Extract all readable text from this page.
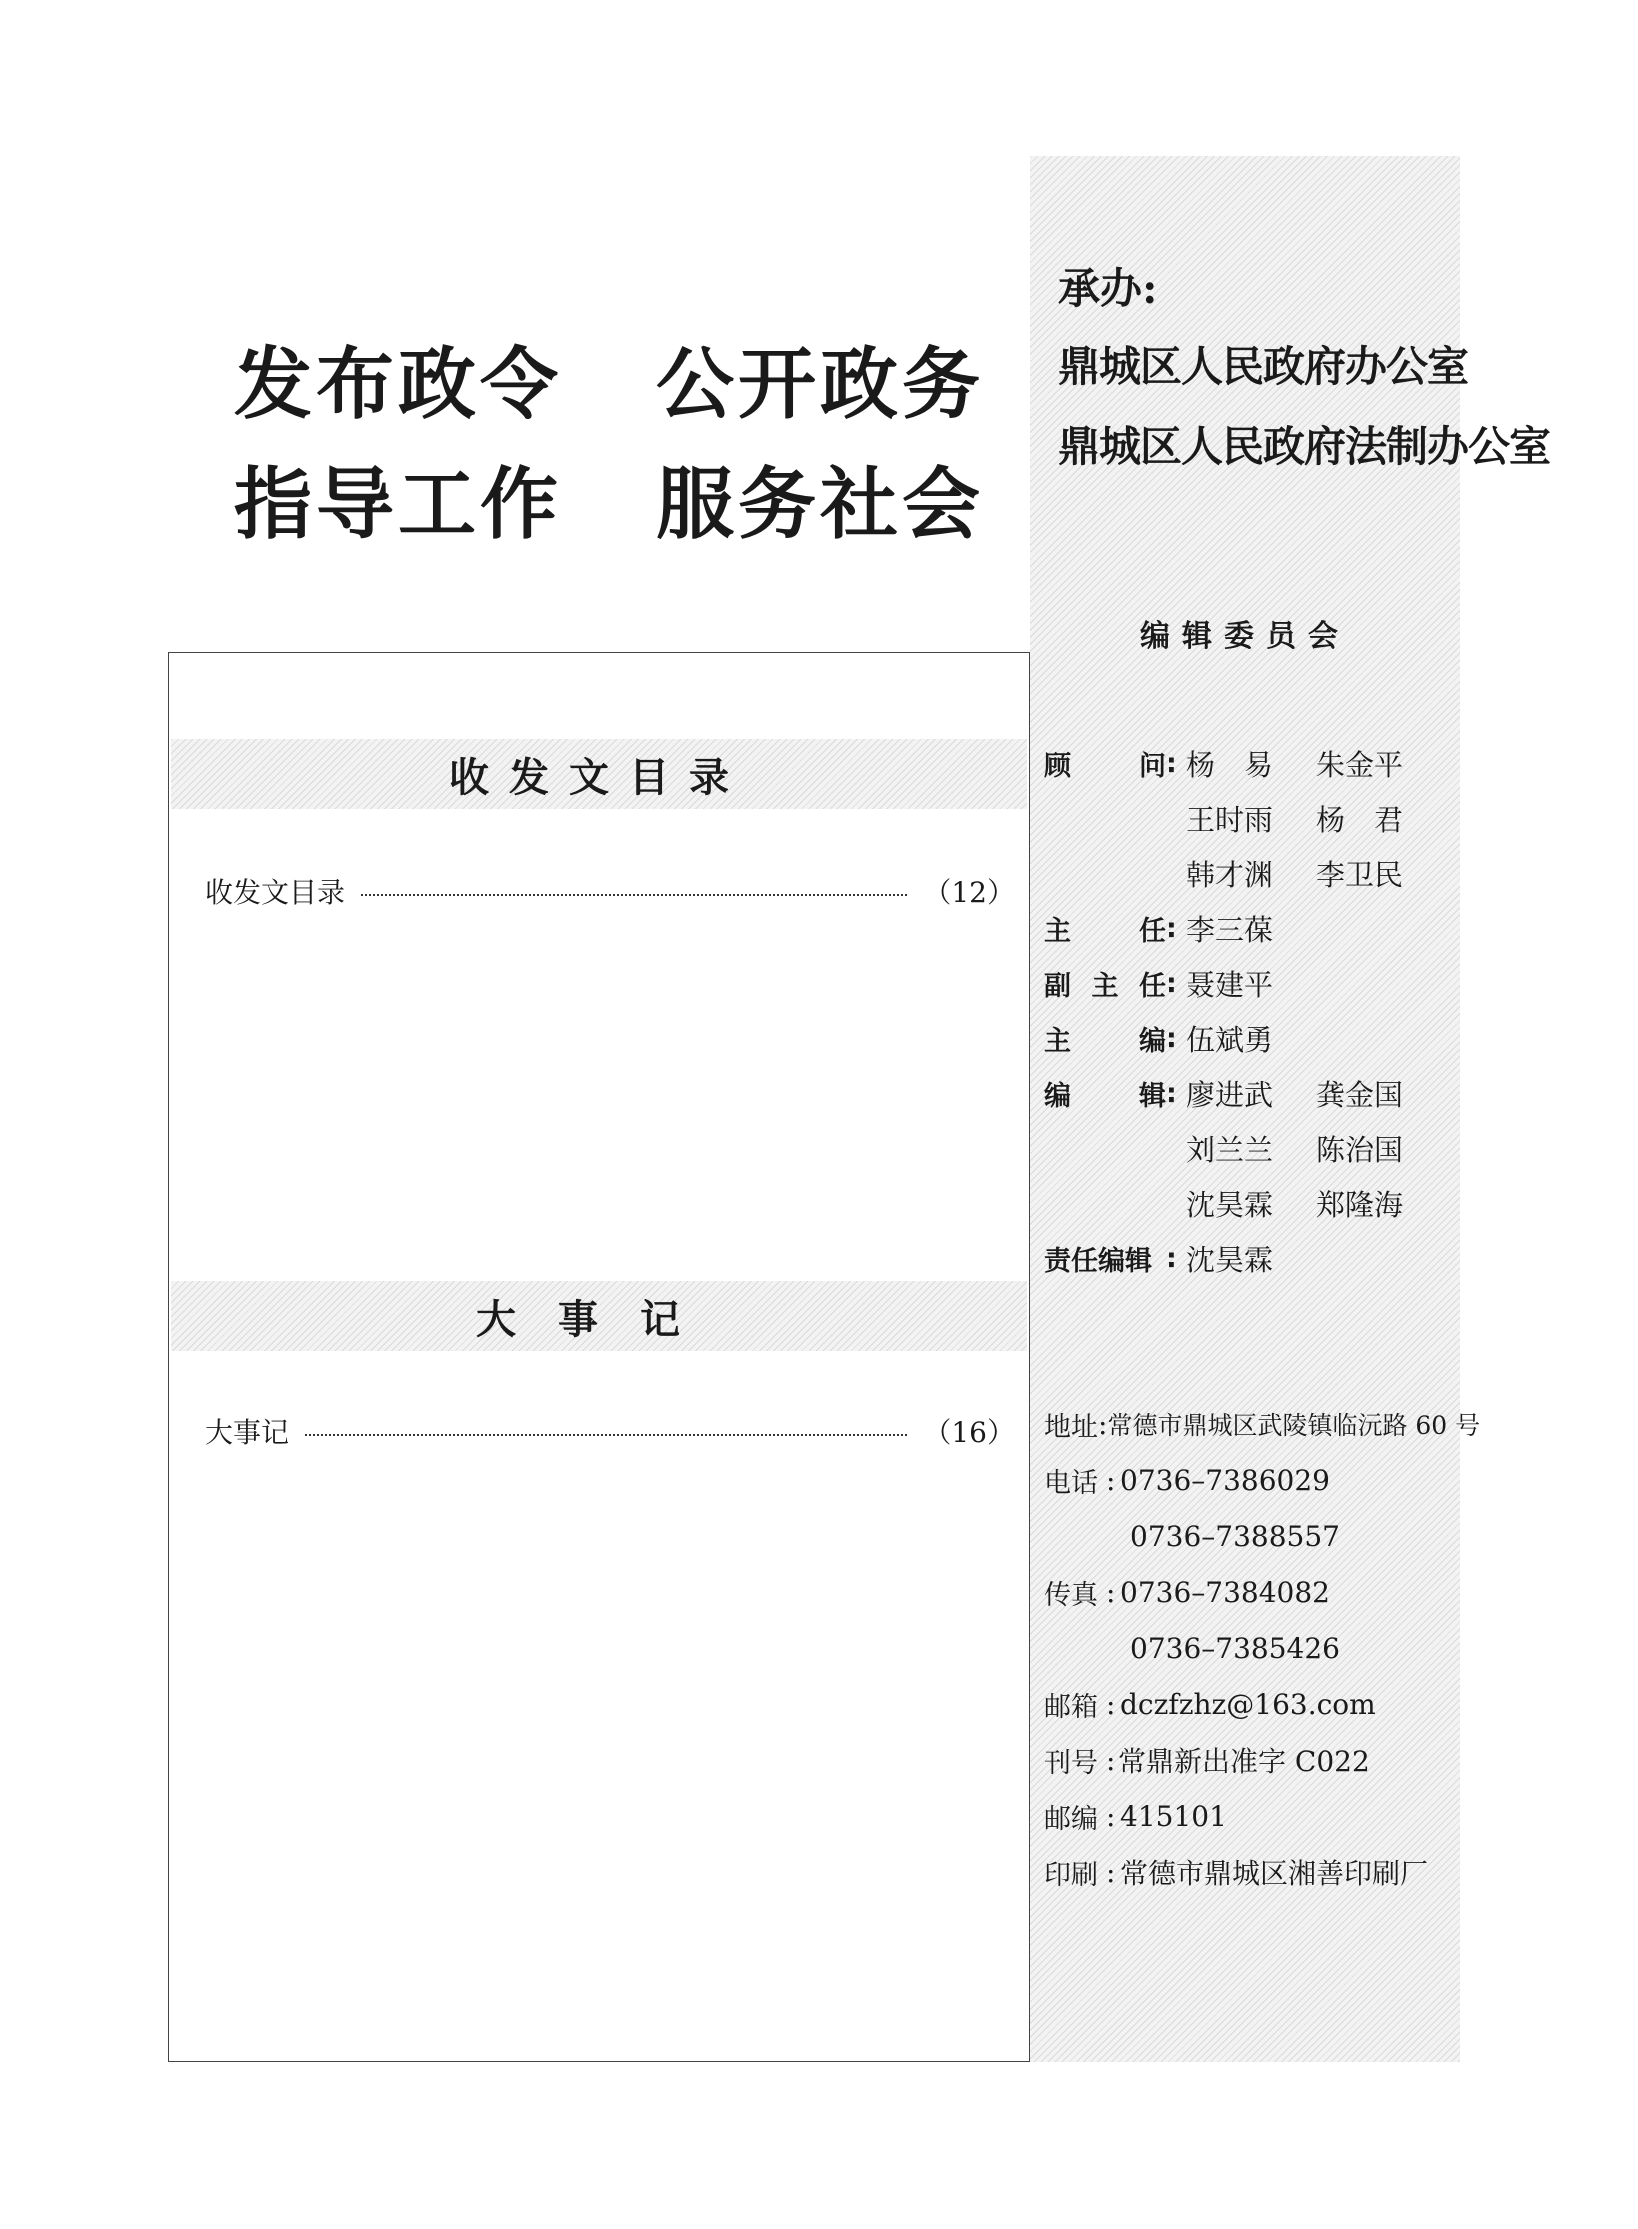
发布政令	公开政务
指导工作	服务社会
收发文目录
收发文目录	（12）
大事记
大事记	（16）
承办:
鼎城区人民政府办公室
鼎城区人民政府法制办公室
编辑委员会
顾	问 : 杨　易	朱金平
王时雨	杨　君
韩才渊	李卫民
主	任 : 李三葆
副 主 任 : 聂建平
主	编 : 伍斌勇
编	辑 : 廖进武	龚金国
刘兰兰	陈治国
沈昊霖	郑隆海
责任编辑 : 沈昊霖
地址 : 常德市鼎城区武陵镇临沅路 60 号
电话 : 0736–7386029
0736–7388557
传真 : 0736–7384082
0736–7385426
邮箱 : dczfzhz@163.com
刊号 : 常鼎新出准字 C022
邮编 : 415101
印刷 : 常德市鼎城区湘善印刷厂
